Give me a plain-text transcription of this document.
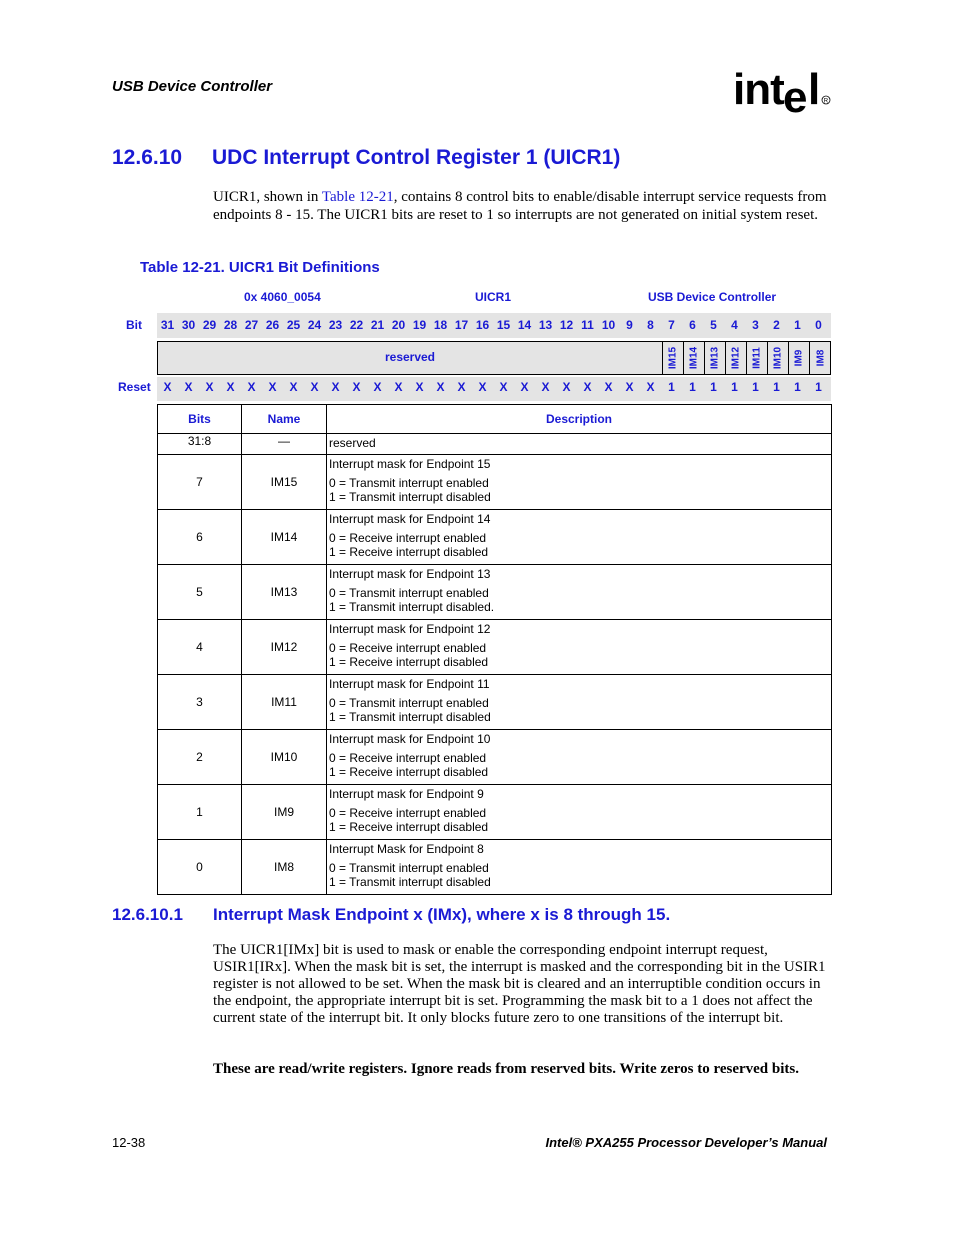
USB Device Controller	int e l R
12.6.10 UDC Interrupt Control Register 1 (UICR1)

UICR1, shown in Table 12-21, contains 8 control bits to enable/disable interrupt service requests from endpoints 8 - 15. The UICR1 bits are reset to 1 so interrupts are not generated on initial system reset.

Table 12-21. UICR1 Bit Definitions
0x 4060_0054	UICR1	USB Device Controller
Bit	31 30 29 28 27 26 25 24 23 22 21 20 19 18 17 16 15 14 13 12 11 10 9	8	7	6	5	4	3	2	1	0
reserved	IM15 IM14 IM13 IM12 IM11 IM10 IM9 IM8
Reset	X	X	X	X	X	X	X	X	X	X	X	X	X	X	X	X	X	X	X	X	X	X	X	X	1	1	1	1	1	1	1	1
Bits	Name	Description
31:8	—	reserved

7	IM15	Interrupt mask for Endpoint 15
0 = Transmit interrupt enabled
1 = Transmit interrupt disabled

6	IM14	Interrupt mask for Endpoint 14
0 = Receive interrupt enabled
1 = Receive interrupt disabled

5	IM13	Interrupt mask for Endpoint 13
0 = Transmit interrupt enabled
1 = Transmit interrupt disabled.

4	IM12	Interrupt mask for Endpoint 12
0 = Receive interrupt enabled
1 = Receive interrupt disabled

3	IM11	Interrupt mask for Endpoint 11
0 = Transmit interrupt enabled
1 = Transmit interrupt disabled

2	IM10	Interrupt mask for Endpoint 10
0 = Receive interrupt enabled
1 = Receive interrupt disabled

1	IM9	Interrupt mask for Endpoint 9
0 = Receive interrupt enabled
1 = Receive interrupt disabled

0	IM8	Interrupt Mask for Endpoint 8
0 = Transmit interrupt enabled
1 = Transmit interrupt disabled
12.6.10.1 Interrupt Mask Endpoint x (IMx), where x is 8 through 15.

The UICR1[IMx] bit is used to mask or enable the corresponding endpoint interrupt request, USIR1[IRx]. When the mask bit is set, the interrupt is masked and the corresponding bit in the USIR1 register is not allowed to be set. When the mask bit is cleared and an interruptible condition occurs in the endpoint, the appropriate interrupt bit is set. Programming the mask bit to a 1 does not affect the current state of the interrupt bit. It only blocks future zero to one transitions of the interrupt bit.

These are read/write registers. Ignore reads from reserved bits. Write zeros to reserved bits.

12-38	Intel® PXA255 Processor Developer’s Manual
